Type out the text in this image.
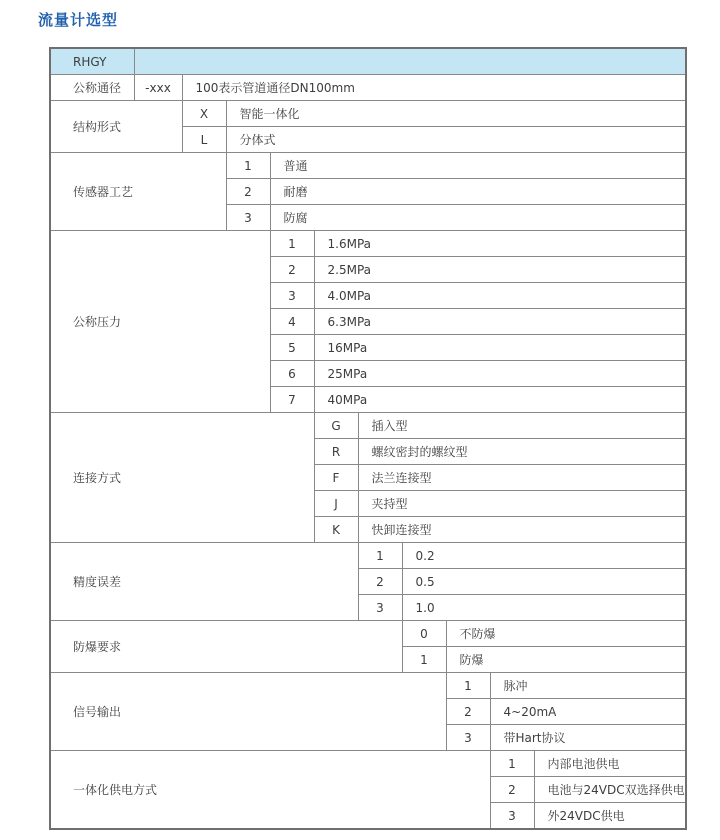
流量计选型
RHGY										
公称通径	-xxx	100表示管道通径DN100mm								
结构形式		X	智能一体化							
		L	分体式							
传感器工艺			1	普通						
			2	耐磨						
			3	防腐						
公称压力				1	1.6MPa					
				2	2.5MPa					
				3	4.0MPa					
				4	6.3MPa					
				5	16MPa					
				6	25MPa					
				7	40MPa					
连接方式					G	插入型				
					R	螺纹密封的螺纹型				
					F	法兰连接型				
					J	夹持型				
					K	快卸连接型				
精度误差						1	0.2			
						2	0.5			
						3	1.0			
防爆要求							0	不防爆		
							1	防爆		
信号输出								1	脉冲	
								2	4~20mA	
								3	带Hart协议	
一体化供电方式									1	内部电池供电
									2	电池与24VDC双选择供电
									3	外24VDC供电
